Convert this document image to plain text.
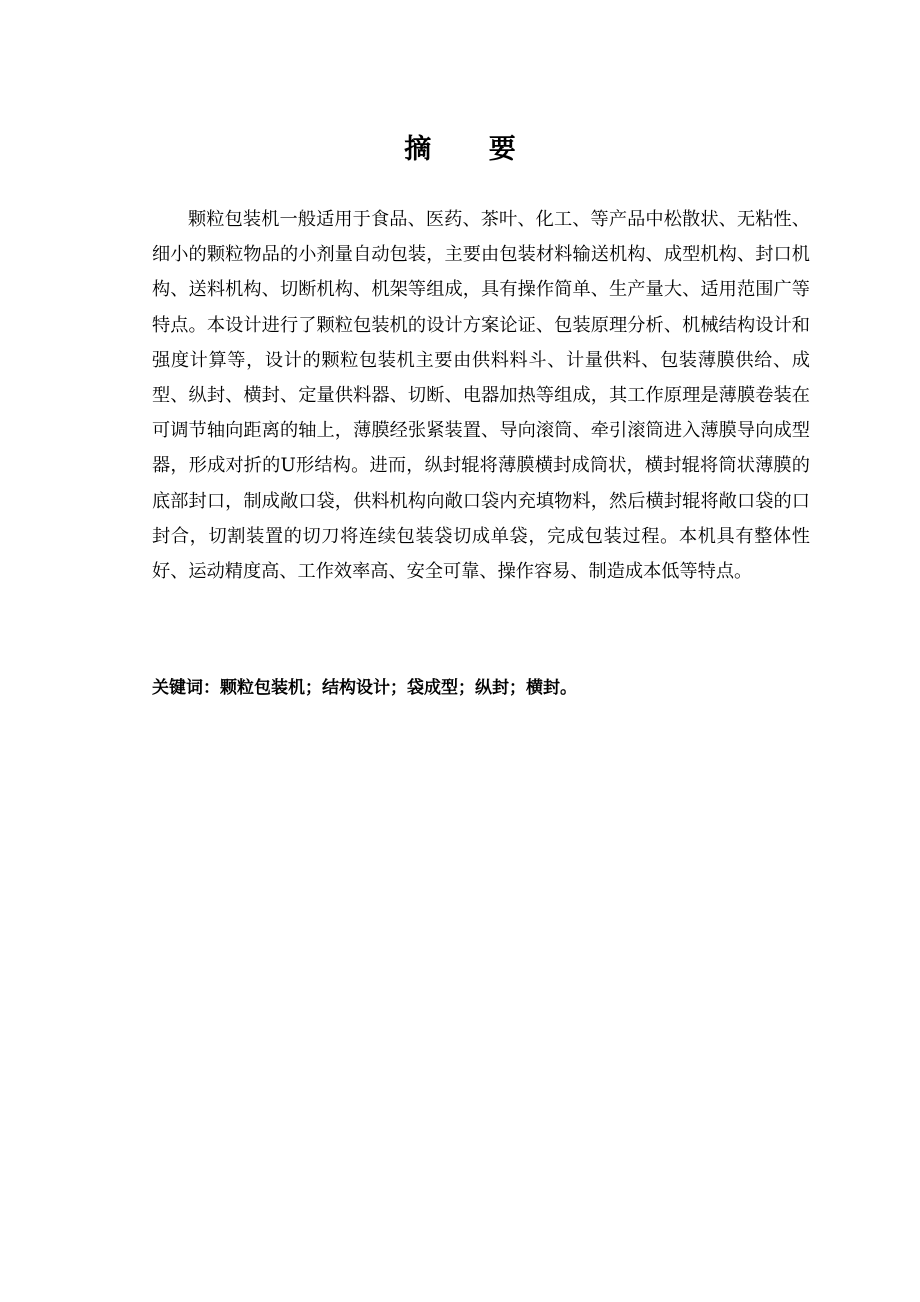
摘 要

颗粒包装机一般适用于食品、医药、茶叶、化工、等产品中松散状、无粘性、细小的颗粒物品的小剂量自动包装，主要由包装材料输送机构、成型机构、封口机构、送料机构、切断机构、机架等组成，具有操作简单、生产量大、适用范围广等特点。本设计进行了颗粒包装机的设计方案论证、包装原理分析、机械结构设计和强度计算等，设计的颗粒包装机主要由供料料斗、计量供料、包装薄膜供给、成型、纵封、横封、定量供料器、切断、电器加热等组成，其工作原理是薄膜卷装在可调节轴向距离的轴上，薄膜经张紧装置、导向滚筒、牵引滚筒进入薄膜导向成型器，形成对折的U形结构。进而，纵封辊将薄膜横封成筒状，横封辊将筒状薄膜的底部封口，制成敞口袋，供料机构向敞口袋内充填物料，然后横封辊将敞口袋的口封合，切割装置的切刀将连续包装袋切成单袋，完成包装过程。本机具有整体性好、运动精度高、工作效率高、安全可靠、操作容易、制造成本低等特点。

关键词：颗粒包装机；结构设计；袋成型；纵封；横封。
